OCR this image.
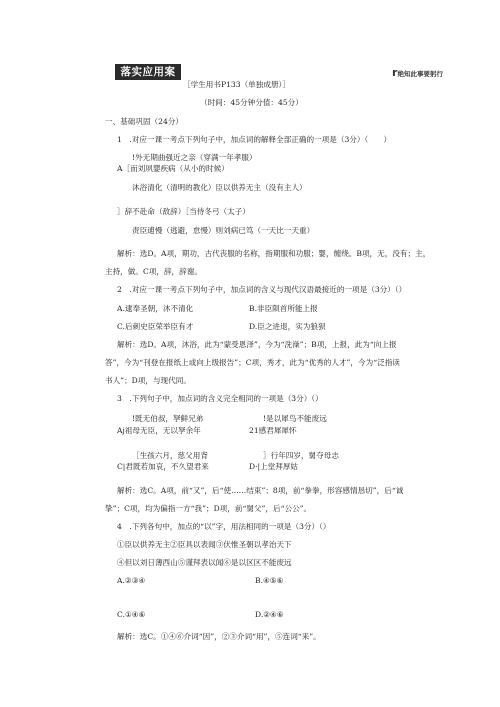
落实应用案	r绝知此事要躬行
［学生用书P133（单独成册）］
（时间：45分钟分值：45分）
一、基础巩固（24分）
1　.对应一课一考点下列句子中，加点词的解释全部正确的一项是（3分）（　　）
!外无期曲强近之亲（穿满一年孝服）
A［而刘夙婴疾病（从小的时候）
沐浴清化（清明的教化）臣以供养无主（没有主人）
］辞不赴命（敌辞）［当侍冬弓（太子）
责臣逋慢（逃避，怠慢）则刘病已笃（一天比一天重）
解析：选D。A项，期功，古代丧服的名称，指期服和功服；婴，缠绕。B项，无，没有；主，
主持，做。C项，辞，辞谢。
2　.对应一课一考点下列句子中，加点词的含义与现代汉语最接近的一项是（3分）（）
A.逮奉圣朝，沐不清化	B.非臣陨首所能上报
C.后刺史臣荣举臣有才	D.臣之进退，实为狼狈
解析：选D。A项，沐浴，此为“蒙受恩泽”，今为“洗澡”；B项，上报，此为“向上报
答”，今为“刊登在报纸上或向上级报告”；C项，秀才，此为“优秀的人才”，今为“泛指读
书人”；D项，与现代同。
3　.下列句子中，加点词的含义完全相同的一项是（3分）（）
!既无伯叔，孥鲜兄弟	!是以犀鸟不能废远
Aj祖母无臣，无以孥余年	21感君犀犀怀
［生孩六月，慈父用背	］行年四岁，舅夺母志
C|君既若加哀，不久望君来	D·|上堂拜厚姑
解析：选C。A项，前“又”，后“使……结束”；8项，前“拳拳，形容感情恳切”，后“诚
挚”；C项，均为偏指一方“我”；D项，前“舅父”，后“公公”。
4　.下列各句中，加点的“以”字，用法相同的一项是（3分）（）
①臣以供养无主②臣具以表闻③伏惟圣朝以孝治天下
④但以刘日薄西山⑤谨拜表以闻⑥是以区区不能废远
A.②③④	B.④⑤⑥
C.①④⑥	D.②④⑥
解析：选C。①④⑥介词“因”，②③介词“用”，⑤连词“来”。
